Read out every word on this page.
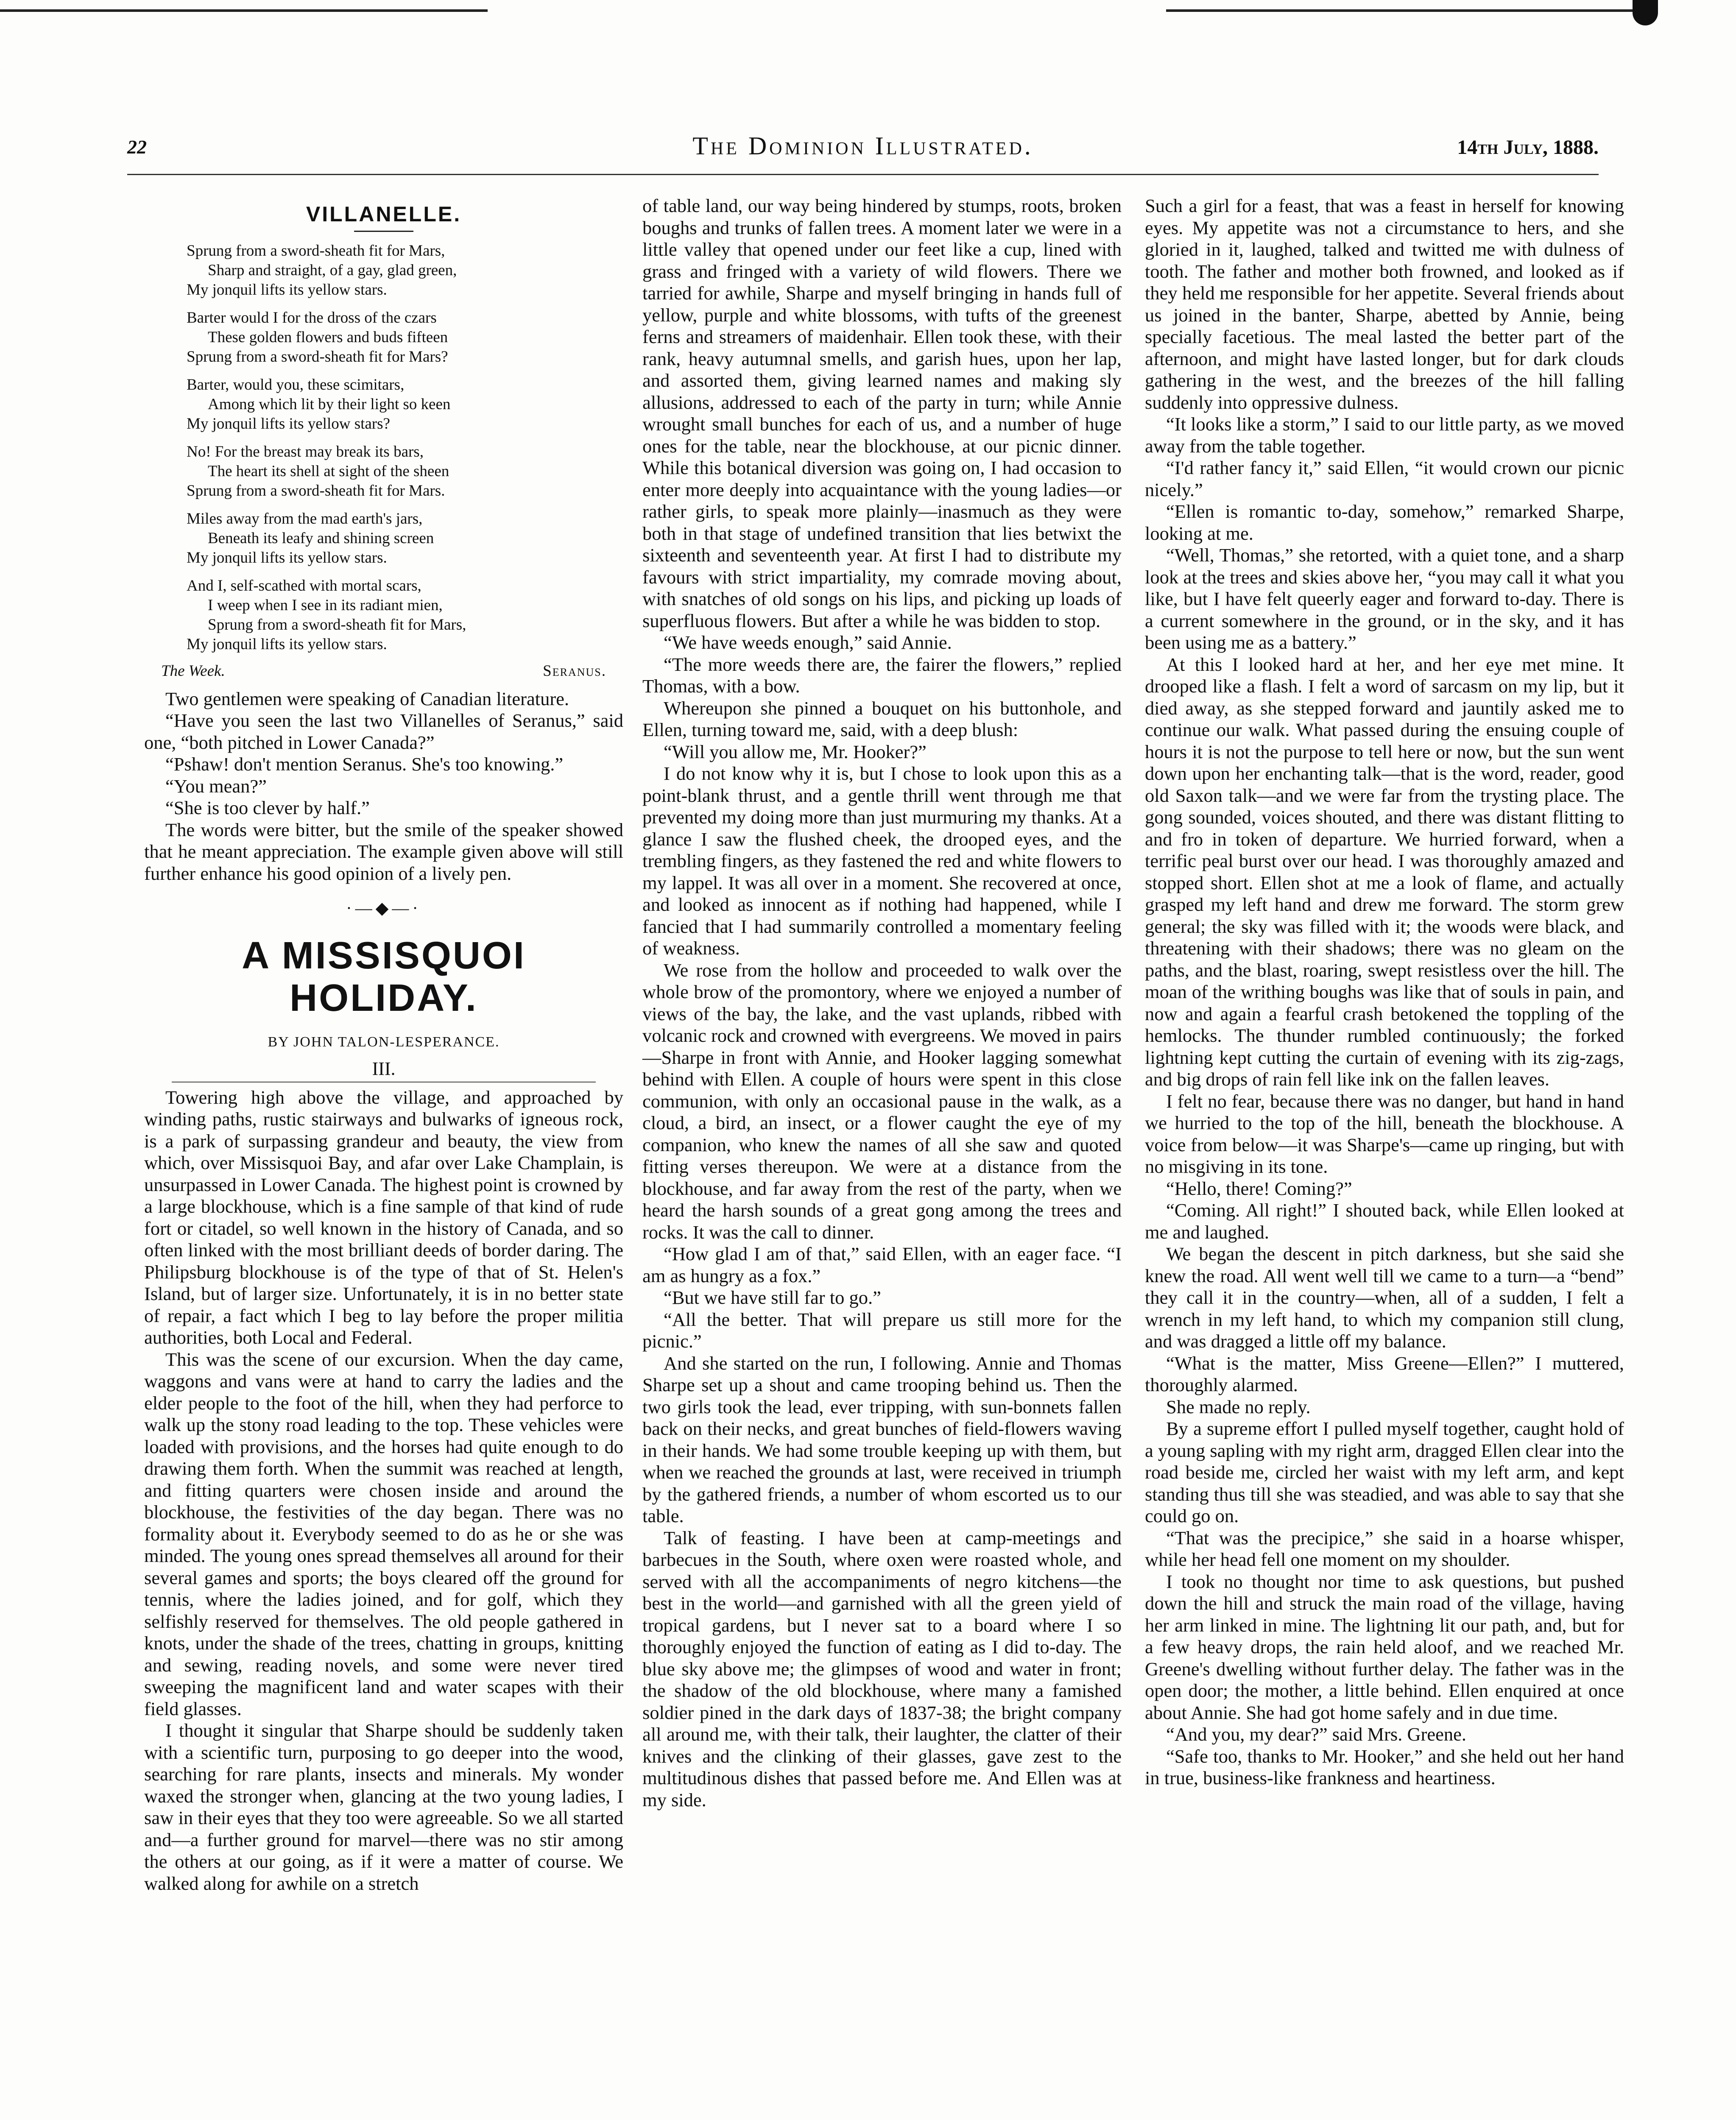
22	The Dominion Illustrated.	14th July, 1888.
VILLANELLE.
Sprung from a sword-sheath fit for Mars,
Sharp and straight, of a gay, glad green,
My jonquil lifts its yellow stars.
Barter would I for the dross of the czars
These golden flowers and buds fifteen
Sprung from a sword-sheath fit for Mars?
Barter, would you, these scimitars,
Among which lit by their light so keen
My jonquil lifts its yellow stars?
No! For the breast may break its bars,
The heart its shell at sight of the sheen
Sprung from a sword-sheath fit for Mars.
Miles away from the mad earth's jars,
Beneath its leafy and shining screen
My jonquil lifts its yellow stars.
And I, self-scathed with mortal scars,
I weep when I see in its radiant mien,
Sprung from a sword-sheath fit for Mars,
My jonquil lifts its yellow stars.
The Week.	Seranus.

Two gentlemen were speaking of Canadian literature.

“Have you seen the last two Villanelles of Seranus,” said one, “both pitched in Lower Canada?”

“Pshaw! don't mention Seranus. She's too knowing.”

“You mean?”

“She is too clever by half.”

The words were bitter, but the smile of the speaker showed that he meant appreciation. The example given above will still further enhance his good opinion of a lively pen.

·—◆—·
A MISSISQUOI HOLIDAY.
BY JOHN TALON-LESPERANCE.
III.

Towering high above the village, and approached by winding paths, rustic stairways and bulwarks of igneous rock, is a park of surpassing grandeur and beauty, the view from which, over Missisquoi Bay, and afar over Lake Champlain, is unsurpassed in Lower Canada. The highest point is crowned by a large blockhouse, which is a fine sample of that kind of rude fort or citadel, so well known in the history of Canada, and so often linked with the most brilliant deeds of border daring. The Philipsburg blockhouse is of the type of that of St. Helen's Island, but of larger size. Unfortunately, it is in no better state of repair, a fact which I beg to lay before the proper militia authorities, both Local and Federal.

This was the scene of our excursion. When the day came, waggons and vans were at hand to carry the ladies and the elder people to the foot of the hill, when they had perforce to walk up the stony road leading to the top. These vehicles were loaded with provisions, and the horses had quite enough to do drawing them forth. When the summit was reached at length, and fitting quarters were chosen inside and around the blockhouse, the festivities of the day began. There was no formality about it. Everybody seemed to do as he or she was minded. The young ones spread themselves all around for their several games and sports; the boys cleared off the ground for tennis, where the ladies joined, and for golf, which they selfishly reserved for themselves. The old people gathered in knots, under the shade of the trees, chatting in groups, knitting and sewing, reading novels, and some were never tired sweeping the magnificent land and water scapes with their field glasses.

I thought it singular that Sharpe should be suddenly taken with a scientific turn, purposing to go deeper into the wood, searching for rare plants, insects and minerals. My wonder waxed the stronger when, glancing at the two young ladies, I saw in their eyes that they too were agreeable. So we all started and—a further ground for marvel—there was no stir among the others at our going, as if it were a matter of course. We walked along for awhile on a stretch

of table land, our way being hindered by stumps, roots, broken boughs and trunks of fallen trees. A moment later we were in a little valley that opened under our feet like a cup, lined with grass and fringed with a variety of wild flowers. There we tarried for awhile, Sharpe and myself bringing in hands full of yellow, purple and white blossoms, with tufts of the greenest ferns and streamers of maidenhair. Ellen took these, with their rank, heavy autumnal smells, and garish hues, upon her lap, and assorted them, giving learned names and making sly allusions, addressed to each of the party in turn; while Annie wrought small bunches for each of us, and a number of huge ones for the table, near the blockhouse, at our picnic dinner. While this botanical diversion was going on, I had occasion to enter more deeply into acquaintance with the young ladies—or rather girls, to speak more plainly—inasmuch as they were both in that stage of undefined transition that lies betwixt the sixteenth and seventeenth year. At first I had to distribute my favours with strict impartiality, my comrade moving about, with snatches of old songs on his lips, and picking up loads of superfluous flowers. But after a while he was bidden to stop.

“We have weeds enough,” said Annie.

“The more weeds there are, the fairer the flowers,” replied Thomas, with a bow.

Whereupon she pinned a bouquet on his buttonhole, and Ellen, turning toward me, said, with a deep blush:

“Will you allow me, Mr. Hooker?”

I do not know why it is, but I chose to look upon this as a point-blank thrust, and a gentle thrill went through me that prevented my doing more than just murmuring my thanks. At a glance I saw the flushed cheek, the drooped eyes, and the trembling fingers, as they fastened the red and white flowers to my lappel. It was all over in a moment. She recovered at once, and looked as innocent as if nothing had happened, while I fancied that I had summarily controlled a momentary feeling of weakness.

We rose from the hollow and proceeded to walk over the whole brow of the promontory, where we enjoyed a number of views of the bay, the lake, and the vast uplands, ribbed with volcanic rock and crowned with evergreens. We moved in pairs—Sharpe in front with Annie, and Hooker lagging somewhat behind with Ellen. A couple of hours were spent in this close communion, with only an occasional pause in the walk, as a cloud, a bird, an insect, or a flower caught the eye of my companion, who knew the names of all she saw and quoted fitting verses thereupon. We were at a distance from the blockhouse, and far away from the rest of the party, when we heard the harsh sounds of a great gong among the trees and rocks. It was the call to dinner.

“How glad I am of that,” said Ellen, with an eager face. “I am as hungry as a fox.”

“But we have still far to go.”

“All the better. That will prepare us still more for the picnic.”

And she started on the run, I following. Annie and Thomas Sharpe set up a shout and came trooping behind us. Then the two girls took the lead, ever tripping, with sun-bonnets fallen back on their necks, and great bunches of field-flowers waving in their hands. We had some trouble keeping up with them, but when we reached the grounds at last, were received in triumph by the gathered friends, a number of whom escorted us to our table.

Talk of feasting. I have been at camp-meetings and barbecues in the South, where oxen were roasted whole, and served with all the accompaniments of negro kitchens—the best in the world—and garnished with all the green yield of tropical gardens, but I never sat to a board where I so thoroughly enjoyed the function of eating as I did to-day. The blue sky above me; the glimpses of wood and water in front; the shadow of the old blockhouse, where many a famished soldier pined in the dark days of 1837-38; the bright company all around me, with their talk, their laughter, the clatter of their knives and the clinking of their glasses, gave zest to the multitudinous dishes that passed before me. And Ellen was at my side.

Such a girl for a feast, that was a feast in herself for knowing eyes. My appetite was not a circumstance to hers, and she gloried in it, laughed, talked and twitted me with dulness of tooth. The father and mother both frowned, and looked as if they held me responsible for her appetite. Several friends about us joined in the banter, Sharpe, abetted by Annie, being specially facetious. The meal lasted the better part of the afternoon, and might have lasted longer, but for dark clouds gathering in the west, and the breezes of the hill falling suddenly into oppressive dulness.

“It looks like a storm,” I said to our little party, as we moved away from the table together.

“I'd rather fancy it,” said Ellen, “it would crown our picnic nicely.”

“Ellen is romantic to-day, somehow,” remarked Sharpe, looking at me.

“Well, Thomas,” she retorted, with a quiet tone, and a sharp look at the trees and skies above her, “you may call it what you like, but I have felt queerly eager and forward to-day. There is a current somewhere in the ground, or in the sky, and it has been using me as a battery.”

At this I looked hard at her, and her eye met mine. It drooped like a flash. I felt a word of sarcasm on my lip, but it died away, as she stepped forward and jauntily asked me to continue our walk. What passed during the ensuing couple of hours it is not the purpose to tell here or now, but the sun went down upon her enchanting talk—that is the word, reader, good old Saxon talk—and we were far from the trysting place. The gong sounded, voices shouted, and there was distant flitting to and fro in token of departure. We hurried forward, when a terrific peal burst over our head. I was thoroughly amazed and stopped short. Ellen shot at me a look of flame, and actually grasped my left hand and drew me forward. The storm grew general; the sky was filled with it; the woods were black, and threatening with their shadows; there was no gleam on the paths, and the blast, roaring, swept resistless over the hill. The moan of the writhing boughs was like that of souls in pain, and now and again a fearful crash betokened the toppling of the hemlocks. The thunder rumbled continuously; the forked lightning kept cutting the curtain of evening with its zig-zags, and big drops of rain fell like ink on the fallen leaves.

I felt no fear, because there was no danger, but hand in hand we hurried to the top of the hill, beneath the blockhouse. A voice from below—it was Sharpe's—came up ringing, but with no misgiving in its tone.

“Hello, there! Coming?”

“Coming. All right!” I shouted back, while Ellen looked at me and laughed.

We began the descent in pitch darkness, but she said she knew the road. All went well till we came to a turn—a “bend” they call it in the country—when, all of a sudden, I felt a wrench in my left hand, to which my companion still clung, and was dragged a little off my balance.

“What is the matter, Miss Greene—Ellen?” I muttered, thoroughly alarmed.

She made no reply.

By a supreme effort I pulled myself together, caught hold of a young sapling with my right arm, dragged Ellen clear into the road beside me, circled her waist with my left arm, and kept standing thus till she was steadied, and was able to say that she could go on.

“That was the precipice,” she said in a hoarse whisper, while her head fell one moment on my shoulder.

I took no thought nor time to ask questions, but pushed down the hill and struck the main road of the village, having her arm linked in mine. The lightning lit our path, and, but for a few heavy drops, the rain held aloof, and we reached Mr. Greene's dwelling without further delay. The father was in the open door; the mother, a little behind. Ellen enquired at once about Annie. She had got home safely and in due time.

“And you, my dear?” said Mrs. Greene.

“Safe too, thanks to Mr. Hooker,” and she held out her hand in true, business-like frankness and heartiness.
